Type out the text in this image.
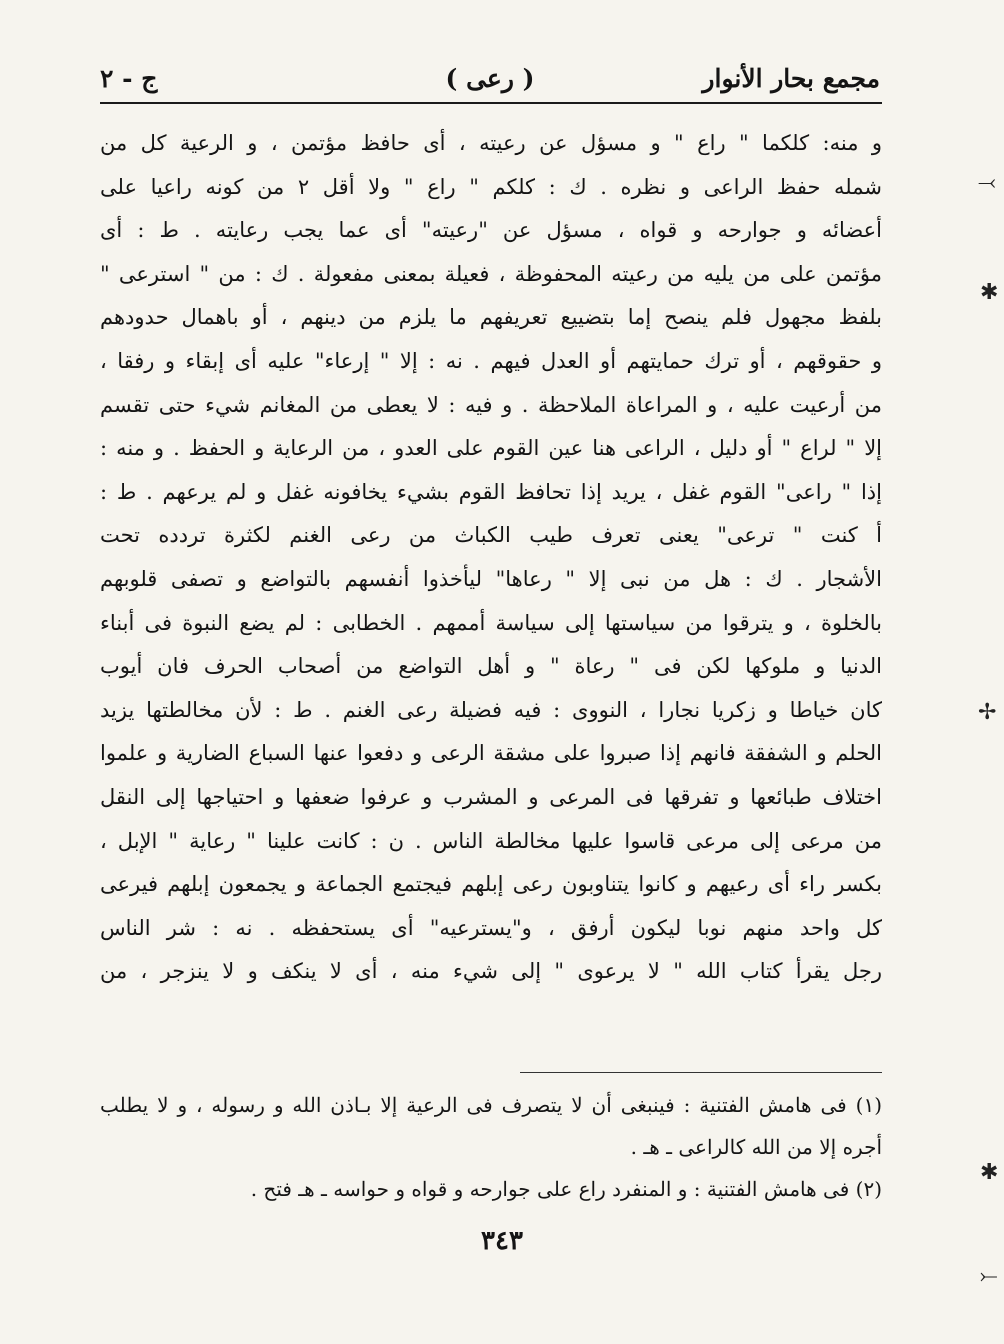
مجمع بحار الأنوار
( رعى )
ج - ٢
و منه: كلكما " راع " و مسؤل عن رعيته ، أى حافظ مؤتمن ، و الرعية كل من
شمله حفظ الراعى و نظره . ك : كلكم " راع " ولا أقل ٢ من كونه راعيا على
أعضائه و جوارحه و قواه ، مسؤل عن "رعيته" أى عما يجب رعايته . ط : أى
مؤتمن على من يليه من رعيته المحفوظة ، فعيلة بمعنى مفعولة . ك : من " استرعى "
بلفظ مجهول فلم ينصح إما بتضييع تعريفهم ما يلزم من دينهم ، أو باهمال حدودهم
و حقوقهم ، أو ترك حمايتهم أو العدل فيهم . نه : إلا " إرعاء" عليه أى إبقاء و رفقا ،
من أرعيت عليه ، و المراعاة الملاحظة . و فيه : لا يعطى من المغانم شيء حتى تقسم
إلا " لراع " أو دليل ، الراعى هنا عين القوم على العدو ، من الرعاية و الحفظ . و منه :
إذا " راعى" القوم غفل ، يريد إذا تحافظ القوم بشيء يخافونه غفل و لم يرعهم . ط :
أ كنت " ترعى" يعنى تعرف طيب الكباث من رعى الغنم لكثرة تردده تحت
الأشجار . ك : هل من نبى إلا " رعاها" ليأخذوا أنفسهم بالتواضع و تصفى قلوبهم
بالخلوة ، و يترقوا من سياستها إلى سياسة أممهم . الخطابى : لم يضع النبوة فى أبناء
الدنيا و ملوكها لكن فى " رعاة " و أهل التواضع من أصحاب الحرف فان أيوب
كان خياطا و زكريا نجارا ، النووى : فيه فضيلة رعى الغنم . ط : لأن مخالطتها يزيد
الحلم و الشفقة فانهم إذا صبروا على مشقة الرعى و دفعوا عنها السباع الضارية و علموا
اختلاف طبائعها و تفرقها فى المرعى و المشرب و عرفوا ضعفها و احتياجها إلى النقل
من مرعى إلى مرعى قاسوا عليها مخالطة الناس . ن : كانت علينا " رعاية " الإبل ،
بكسر راء أى رعيهم و كانوا يتناوبون رعى إبلهم فيجتمع الجماعة و يجمعون إبلهم فيرعى
كل واحد منهم نوبا ليكون أرفق ، و"يسترعيه" أى يستحفظه . نه : شر الناس
رجل يقرأ كتاب الله " لا يرعوى " إلى شيء منه ، أى لا ينكف و لا ينزجر ، من
(١) فى هامش الفتنية : فينبغى أن لا يتصرف فى الرعية إلا بـاذن الله و رسوله ، و لا يطلب
أجره إلا من الله كالراعى ـ هـ .
(٢) فى هامش الفتنية : و المنفرد راع على جوارحه و قواه و حواسه ـ هـ فتح .
٣٤٣
⤙
✱
✢
✱
⤚
